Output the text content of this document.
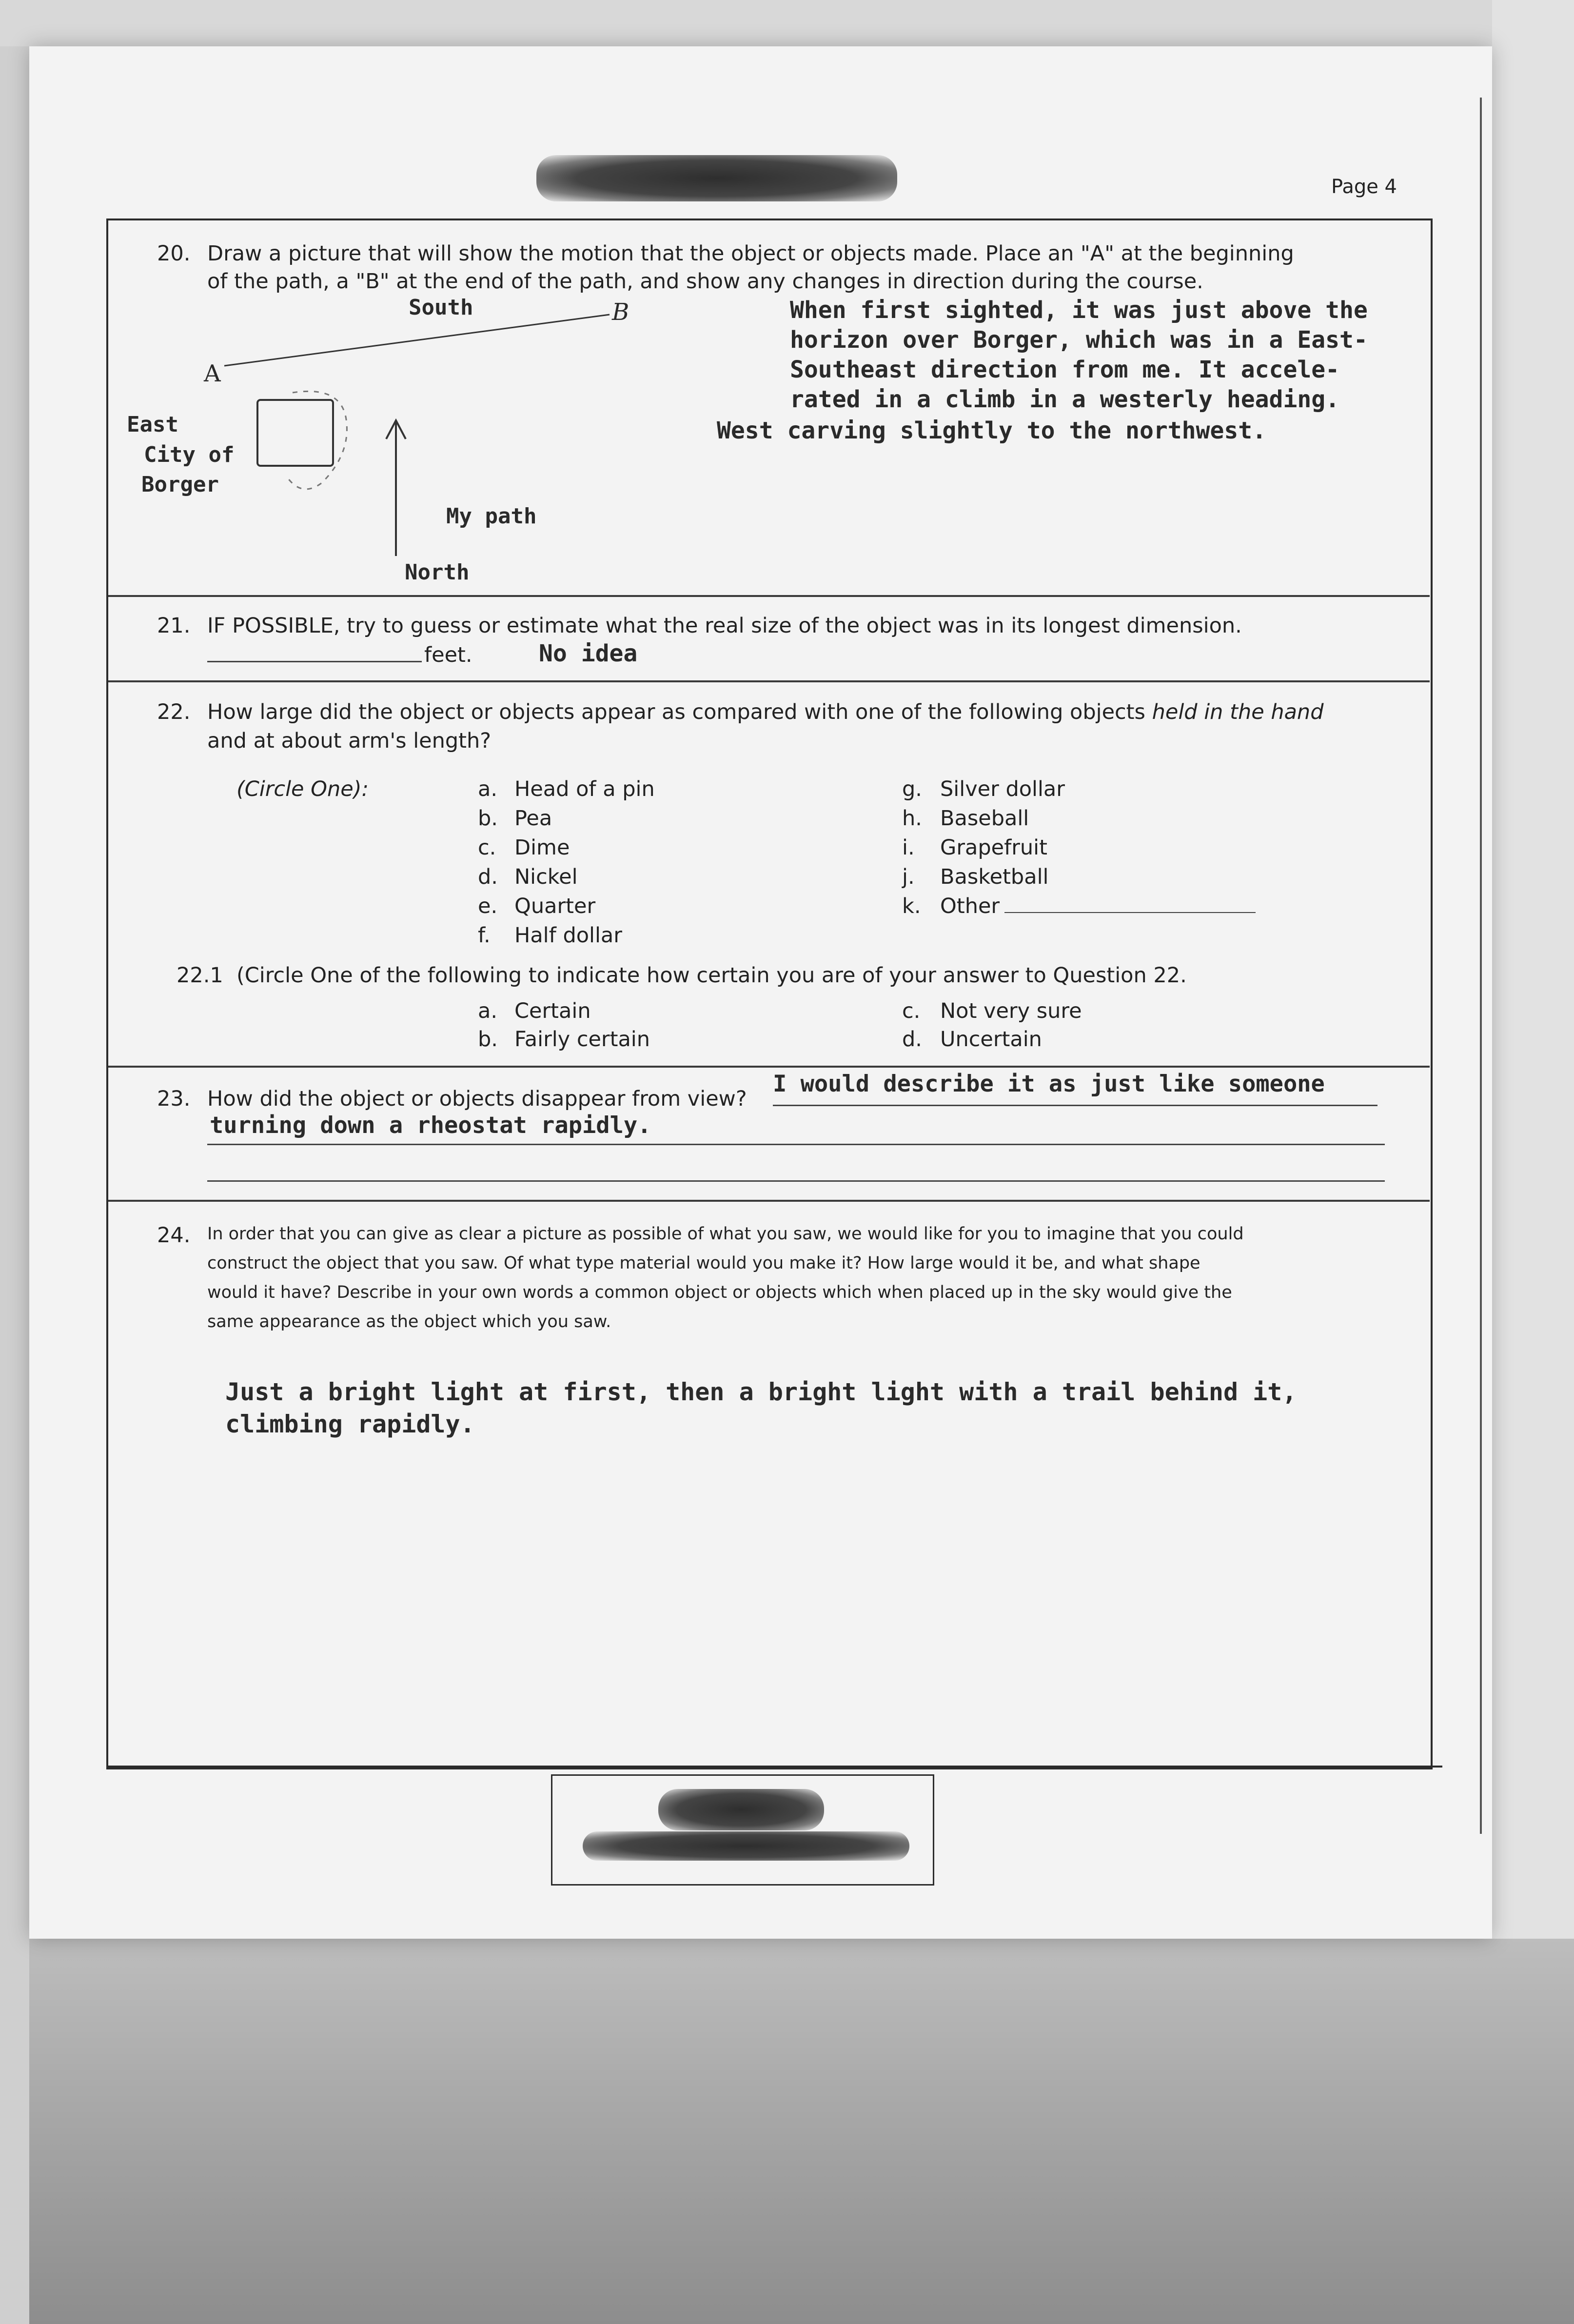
Page 4
20. Draw a picture that will show the motion that the object or objects made. Place an "A" at the beginning
of the path, a "B" at the end of the path, and show any changes in direction during the course.
South	B
A
East
City of
Borger
My path
North
When first sighted, it was just above the
horizon over Borger, which was in a East-
Southeast direction from me. It accele-
rated in a climb in a westerly heading.
West carving slightly to the northwest.
21. IF POSSIBLE, try to guess or estimate what the real size of the object was in its longest dimension.
feet.	No idea
22. How large did the object or objects appear as compared with one of the following objects held in the hand
and at about arm's length?
(Circle One):	a. Head of a pin
b. Pea
c. Dime
d. Nickel
e. Quarter
f. Half dollar
g. Silver dollar
h. Baseball
i. Grapefruit
j. Basketball
k. Other
22.1 (Circle One of the following to indicate how certain you are of your answer to Question 22.
a. Certain
b. Fairly certain
c. Not very sure
d. Uncertain
23. How did the object or objects disappear from view?
I would describe it as just like someone
turning down a rheostat rapidly.
24. In order that you can give as clear a picture as possible of what you saw, we would like for you to imagine that you could
construct the object that you saw. Of what type material would you make it? How large would it be, and what shape
would it have? Describe in your own words a common object or objects which when placed up in the sky would give the
same appearance as the object which you saw.
Just a bright light at first, then a bright light with a trail behind it,
climbing rapidly.
